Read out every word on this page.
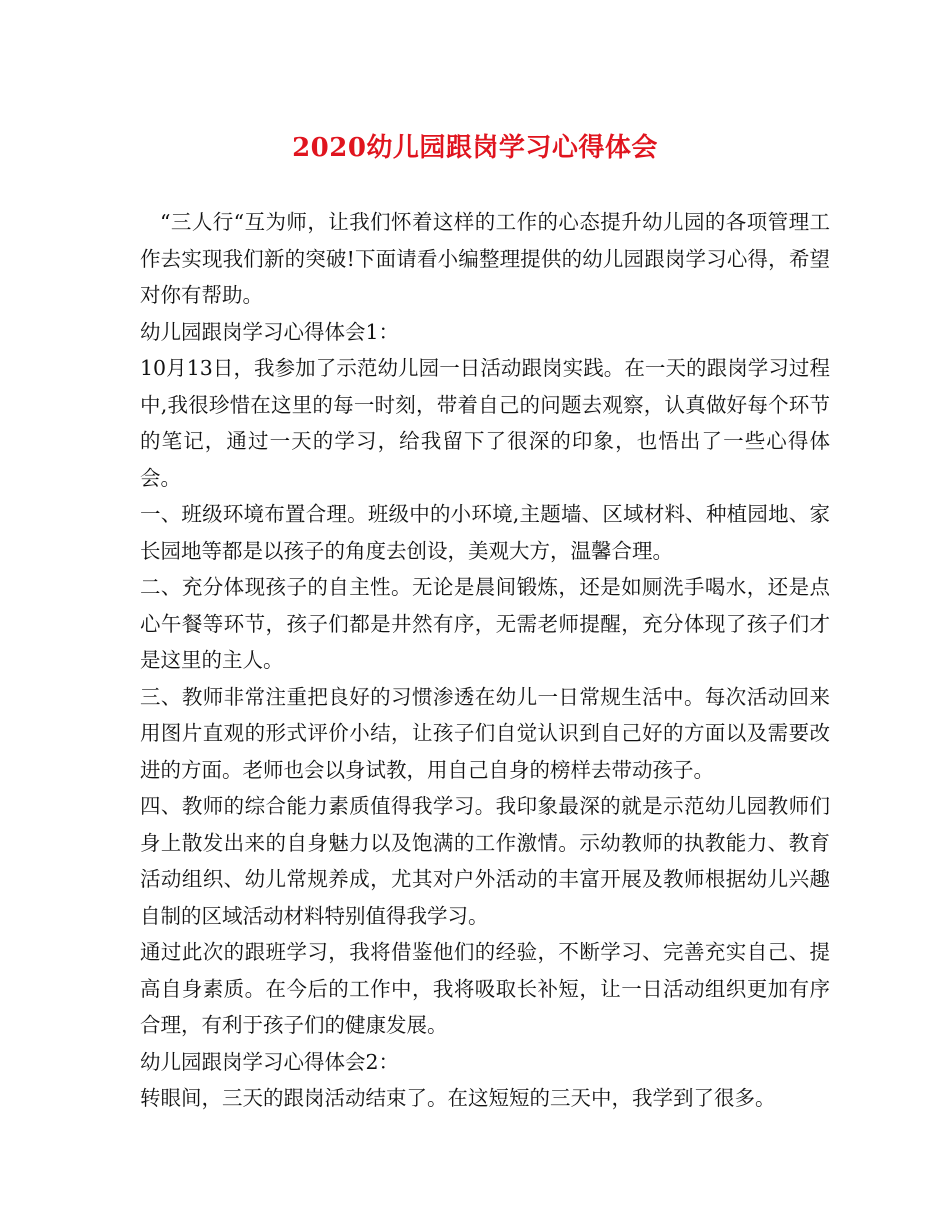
2020幼儿园跟岗学习心得体会

“三人行“互为师，让我们怀着这样的工作的心态提升幼儿园的各项管理工作去实现我们新的突破!下面请看小编整理提供的幼儿园跟岗学习心得，希望对你有帮助。

幼儿园跟岗学习心得体会1：

10月13日，我参加了示范幼儿园一日活动跟岗实践。在一天的跟岗学习过程中,我很珍惜在这里的每一时刻，带着自己的问题去观察，认真做好每个环节的笔记，通过一天的学习，给我留下了很深的印象，也悟出了一些心得体会。

一、班级环境布置合理。班级中的小环境,主题墙、区域材料、种植园地、家长园地等都是以孩子的角度去创设，美观大方，温馨合理。

二、充分体现孩子的自主性。无论是晨间锻炼，还是如厕洗手喝水，还是点心午餐等环节，孩子们都是井然有序，无需老师提醒，充分体现了孩子们才是这里的主人。

三、教师非常注重把良好的习惯渗透在幼儿一日常规生活中。每次活动回来用图片直观的形式评价小结，让孩子们自觉认识到自己好的方面以及需要改进的方面。老师也会以身试教，用自己自身的榜样去带动孩子。

四、教师的综合能力素质值得我学习。我印象最深的就是示范幼儿园教师们身上散发出来的自身魅力以及饱满的工作激情。示幼教师的执教能力、教育活动组织、幼儿常规养成，尤其对户外活动的丰富开展及教师根据幼儿兴趣自制的区域活动材料特别值得我学习。

通过此次的跟班学习，我将借鉴他们的经验，不断学习、完善充实自己、提高自身素质。在今后的工作中，我将吸取长补短，让一日活动组织更加有序合理，有利于孩子们的健康发展。

幼儿园跟岗学习心得体会2：

转眼间，三天的跟岗活动结束了。在这短短的三天中，我学到了很多。
